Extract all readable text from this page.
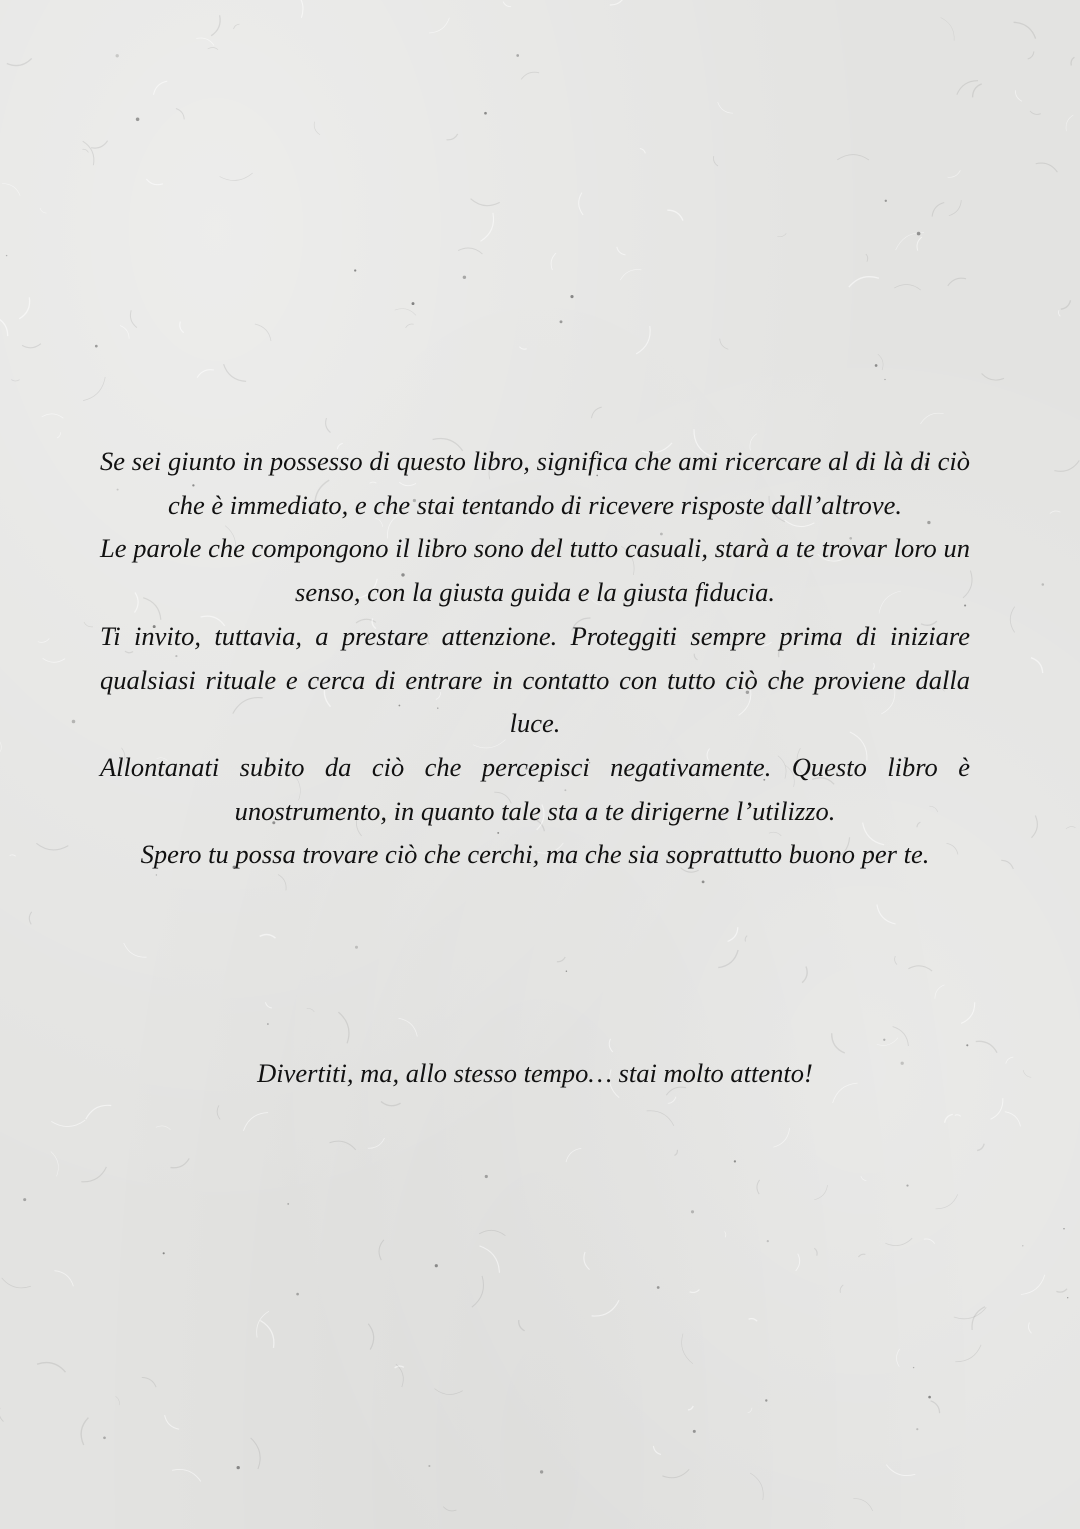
Se sei giunto in possesso di questo libro, significa che ami ricercare al di là di ciò che è immediato, e che stai tentando di ricevere risposte dall’altrove.

Le parole che compongono il libro sono del tutto casuali, starà a te trovar loro un senso, con la giusta guida e la giusta fiducia.

Ti invito, tuttavia, a prestare attenzione. Proteggiti sempre prima di iniziare qualsiasi rituale e cerca di entrare in contatto con tutto ciò che proviene dalla luce.

Allontanati subito da ciò che percepisci negativamente. Questo libro è unostrumento, in quanto tale sta a te dirigerne l’utilizzo.

Spero tu possa trovare ciò che cerchi, ma che sia soprattutto buono per te.

Divertiti, ma, allo stesso tempo… stai molto attento!
